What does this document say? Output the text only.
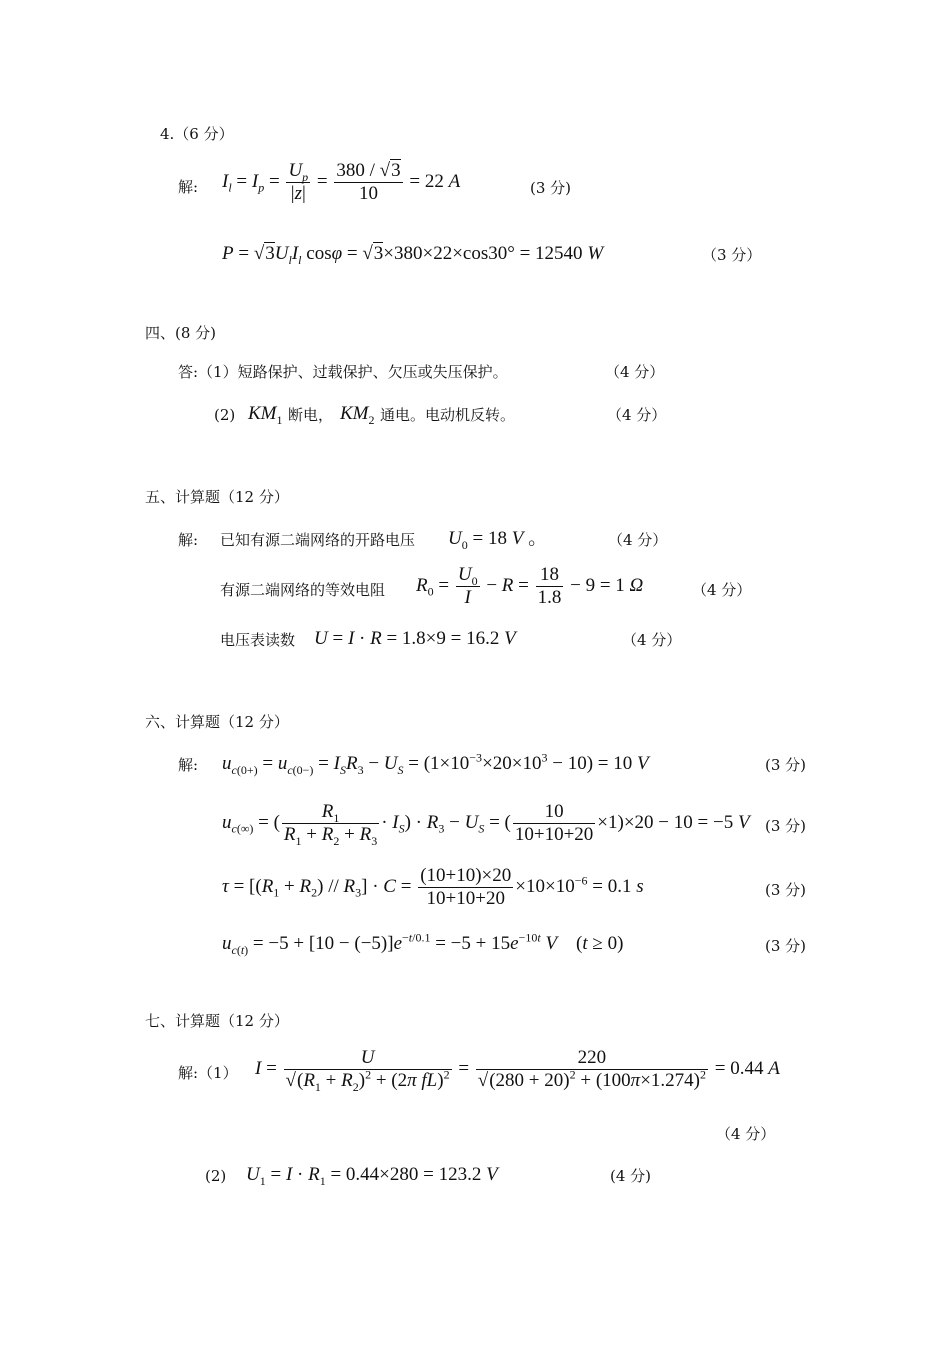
4.（6 分）
解: $I_l = I_p = \frac{U_p}{|z|} = \frac{380 / √3}{10} = 22$ A	(3 分)
$P = √3U_lI_l$ cosφ = √3×380×22×cos30° = 12540 W	（3 分）
四、(8 分)
答:（1）短路保护、过载保护、欠压或失压保护。	（4 分）
(2) $KM_1$ 断电， $KM_2$ 通电。电动机反转。	（4 分）
五、计算题（12 分）
解: 已知有源二端网络的开路电压 $U_0 = 18$ V 。	（4 分）
有源二端网络的等效电阻 $R_0 = \frac{U_0}{I} - R = \frac{18}{1.8} - 9 = 1$ Ω	（4 分）
电压表读数 U = I · R = 1.8×9 = 16.2 V	（4 分）
六、计算题（12 分）
解: $u_{c(0+)} = u_{c(0-)} = I_SR_3 - U_S = (1\times 10^{-3}\times 20\times 10^3 - 10) = 10$ V	(3 分)
$u_{c(\infty)}$ = ( $\frac{R_1}{R_1 + R_2 + R_3} \cdot I_S) \cdot R_3 - U_S$ = ( $\frac{10}{10+10+20} \times 1)\times 20 - 10 = -5$ V (3 分)
$\tau = [(R_1 + R_2) // R_3] \cdot C = \frac{(10+10)\times 20}{10+10+20} \times 10\times 10^{-6} = 0.1$ s	(3 分)
$u_{c(t)} = -5 + [10 - (-5)]e^{-t/0.1} = -5 + 15e^{-10t}$ V    (t ≥ 0)	(3 分)
七、计算题（12 分）
解:（1） $I = \frac{U}{√(R_1 + R_2)^2 + (2\pi fL)^2} = \frac{220}{√(280 + 20)^2 + (100\pi\times 1.274)^2} = 0.44$ A
（4 分）
(2) $U_1 = I \cdot R_1 = 0.44\times 280 = 123.2$ V	(4 分)
